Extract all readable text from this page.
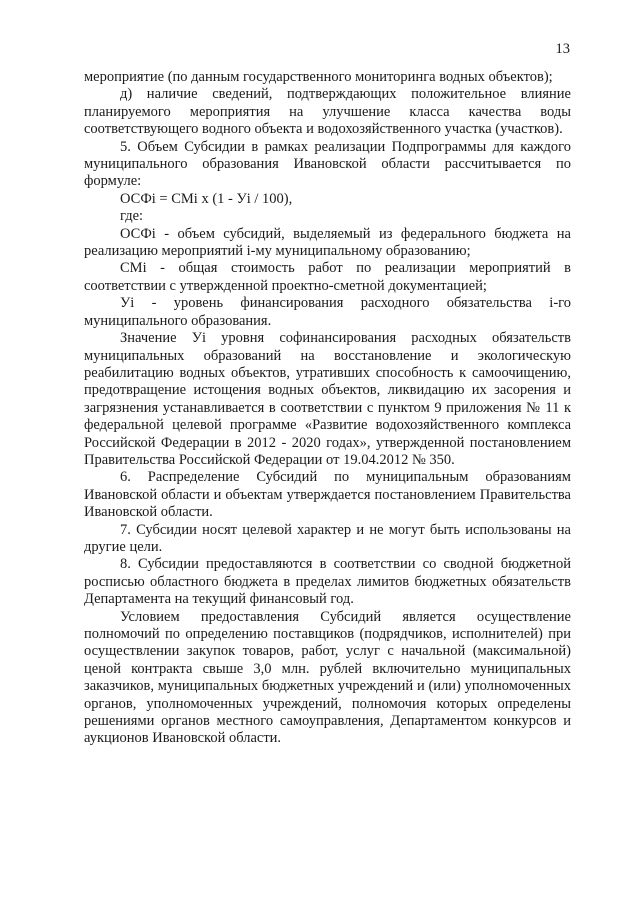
13

мероприятие (по данным государственного мониторинга водных объектов);

д) наличие сведений, подтверждающих положительное влияние планируемого мероприятия на улучшение класса качества воды соответствующего водного объекта и водохозяйственного участка (участков).

5. Объем Субсидии в рамках реализации Подпрограммы для каждого муниципального образования Ивановской области рассчитывается по формуле:

ОСФi = СМi х (1 - Уi / 100),

где:

ОСФi - объем субсидий, выделяемый из федерального бюджета на реализацию мероприятий i-му муниципальному образованию;

СМi - общая стоимость работ по реализации мероприятий в соответствии с утвержденной проектно-сметной документацией;

Уi - уровень финансирования расходного обязательства i-го муниципального образования.

Значение Уi уровня софинансирования расходных обязательств муниципальных образований на восстановление и экологическую реабилитацию водных объектов, утративших способность к самоочищению, предотвращение истощения водных объектов, ликвидацию их засорения и загрязнения устанавливается в соответствии с пунктом 9 приложения № 11 к федеральной целевой программе «Развитие водохозяйственного комплекса Российской Федерации в 2012 - 2020 годах», утвержденной постановлением Правительства Российской Федерации от 19.04.2012 № 350.

6. Распределение Субсидий по муниципальным образованиям Ивановской области и объектам утверждается постановлением Правительства Ивановской области.

7. Субсидии носят целевой характер и не могут быть использованы на другие цели.

8. Субсидии предоставляются в соответствии со сводной бюджетной росписью областного бюджета в пределах лимитов бюджетных обязательств Департамента на текущий финансовый год.

Условием предоставления Субсидий является осуществление полномочий по определению поставщиков (подрядчиков, исполнителей) при осуществлении закупок товаров, работ, услуг с начальной (максимальной) ценой контракта свыше 3,0 млн. рублей включительно муниципальных заказчиков, муниципальных бюджетных учреждений и (или) уполномоченных органов, уполномоченных учреждений, полномочия которых определены решениями органов местного самоуправления, Департаментом конкурсов и аукционов Ивановской области.
